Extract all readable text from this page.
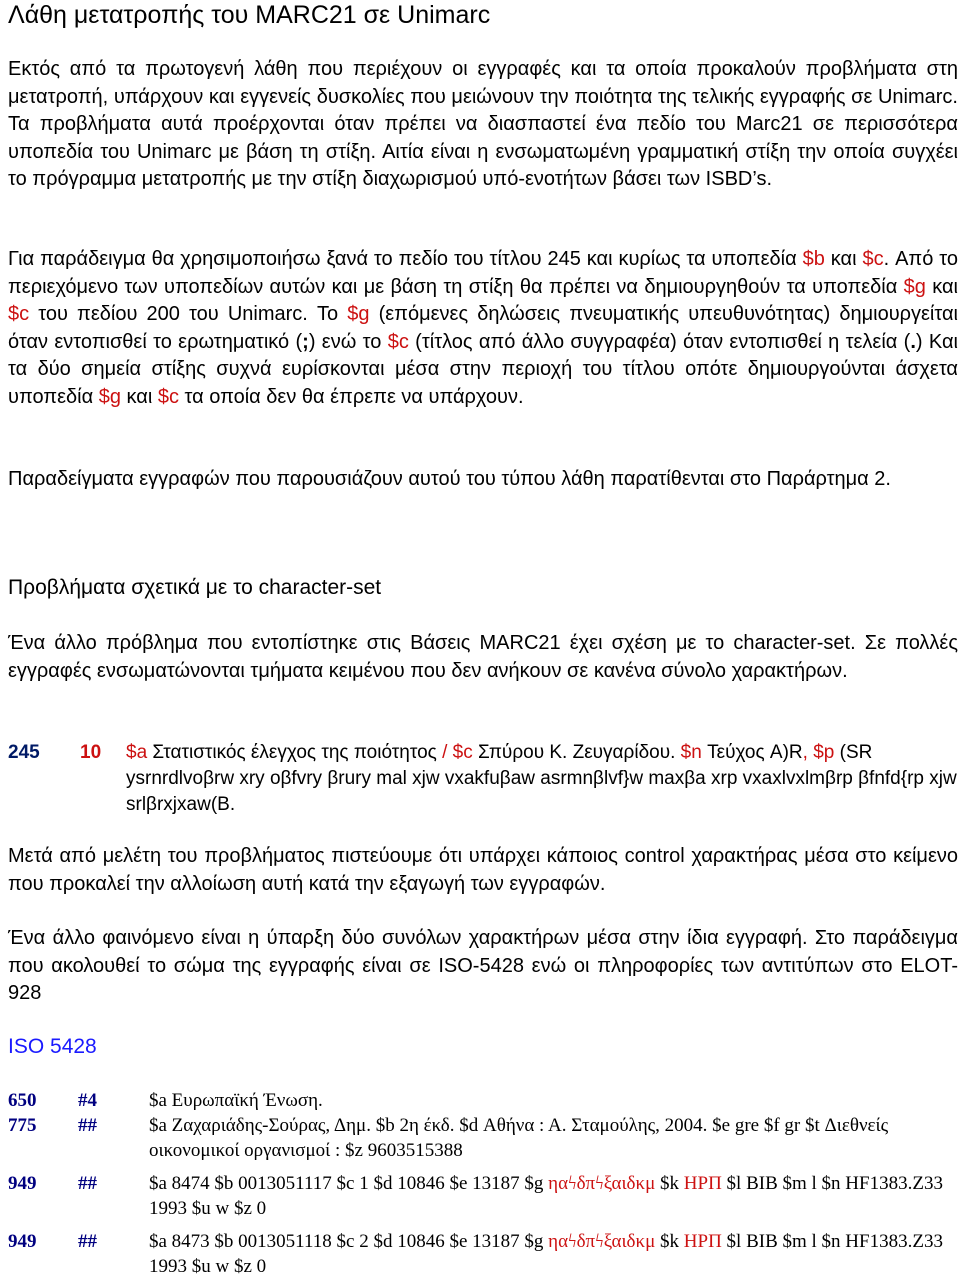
Λάθη μετατροπής του MARC21 σε Unimarc
Εκτός από τα πρωτογενή λάθη που περιέχουν οι εγγραφές και τα οποία προκαλούν προβλήματα στη μετατροπή, υπάρχουν και εγγενείς δυσκολίες που μειώνουν την ποιότητα της τελικής εγγραφής σε Unimarc. Τα προβλήματα αυτά προέρχονται όταν πρέπει να διασπαστεί ένα πεδίο του Marc21 σε περισσότερα υποπεδία του Unimarc με βάση τη στίξη. Αιτία είναι η ενσωματωμένη γραμματική στίξη την οποία συγχέει το πρόγραμμα μετατροπής με την στίξη διαχωρισμού υπό-ενοτήτων βάσει των ISBD’s.
Για παράδειγμα θα χρησιμοποιήσω ξανά το πεδίο του τίτλου 245 και κυρίως τα υποπεδία $b και $c. Από το περιεχόμενο των υποπεδίων αυτών και με βάση τη στίξη θα πρέπει να δημιουργηθούν τα υποπεδία $g και $c του πεδίου 200 του Unimarc. Το $g (επόμενες δηλώσεις πνευματικής υπευθυνότητας) δημιουργείται όταν εντοπισθεί το ερωτηματικό (;) ενώ το $c (τίτλος από άλλο συγγραφέα) όταν εντοπισθεί η τελεία (.) Και τα δύο σημεία στίξης συχνά ευρίσκονται μέσα στην περιοχή του τίτλου οπότε δημιουργούνται άσχετα υποπεδία $g και $c τα οποία δεν θα έπρεπε να υπάρχουν.
Παραδείγματα εγγραφών που παρουσιάζουν αυτού του τύπου λάθη παρατίθενται στο Παράρτημα 2.
Προβλήματα σχετικά με το character-set
Ένα άλλο πρόβλημα που εντοπίστηκε στις Βάσεις MARC21 έχει σχέση με το character-set. Σε πολλές εγγραφές ενσωματώνονται τμήματα κειμένου που δεν ανήκουν σε κανένα σύνολο χαρακτήρων.
245 10 $a Στατιστικός έλεγχος της ποιότητος / $c Σπύρου Κ. Ζευγαρίδου. $n Τεύχος A)R, $p (SR ysrnrdlvoβrw xry oβfvry βrury mal xjw vxakfuβaw asrmnβlvf}w maxβa xrp vxaxlvxlmβrp βfnfd{rp xjw srlβrxjxaw(B.
Μετά από μελέτη του προβλήματος πιστεύουμε ότι υπάρχει κάποιος control χαρακτήρας μέσα στο κείμενο που προκαλεί την αλλοίωση αυτή κατά την εξαγωγή των εγγραφών.
Ένα άλλο φαινόμενο είναι η ύπαρξη δύο συνόλων χαρακτήρων μέσα στην ίδια εγγραφή. Στο παράδειγμα που ακολουθεί το σώμα της εγγραφής είναι σε ISO-5428 ενώ οι πληροφορίες των αντιτύπων στο ELOT-928
ISO 5428
650 #4	$a Ευρωπαϊκή Ένωση.
775 ##	$a Ζαχαριάδης-Σούρας, Δημ. $b 2η έκδ. $d Αθήνα : Α. Σταμούλης, 2004. $e gre $f gr $t Διεθνείς οικονομικοί οργανισμοί : $z 9603515388
949 ##	$a 8474 $b 0013051117 $c 1 $d 10846 $e 13187 $g ηαϟδπϟξαιδκμ $k ΗΡΠ $l BIB $m l $n HF1383.Z33 1993 $u w $z 0
949 ##	$a 8473 $b 0013051118 $c 2 $d 10846 $e 13187 $g ηαϟδπϟξαιδκμ $k ΗΡΠ $l BIB $m l $n HF1383.Z33 1993 $u w $z 0
